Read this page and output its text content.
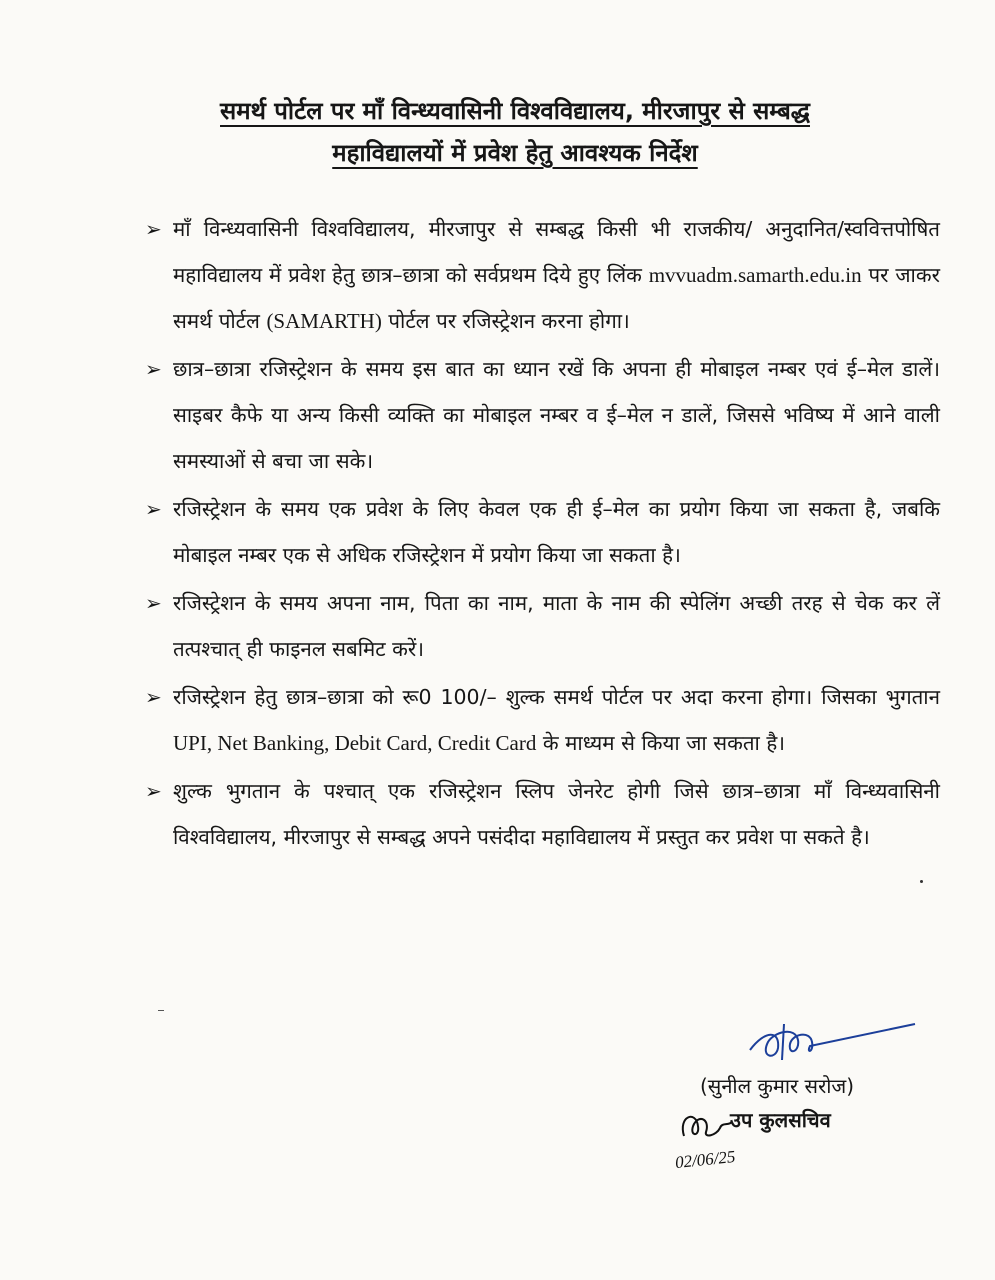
समर्थ पोर्टल पर माँ विन्ध्यवासिनी विश्वविद्यालय, मीरजापुर से सम्बद्ध
महाविद्यालयों में प्रवेश हेतु आवश्यक निर्देश
➢ माँ विन्ध्यवासिनी विश्वविद्यालय, मीरजापुर से सम्बद्ध किसी भी राजकीय/ अनुदानित/स्ववित्तपोषित महाविद्यालय में प्रवेश हेतु छात्र–छात्रा को सर्वप्रथम दिये हुए लिंक mvvuadm.samarth.edu.in पर जाकर समर्थ पोर्टल (SAMARTH) पोर्टल पर रजिस्ट्रेशन करना होगा।
➢ छात्र–छात्रा रजिस्ट्रेशन के समय इस बात का ध्यान रखें कि अपना ही मोबाइल नम्बर एवं ई–मेल डालें। साइबर कैफे या अन्य किसी व्यक्ति का मोबाइल नम्बर व ई–मेल न डालें, जिससे भविष्य में आने वाली समस्याओं से बचा जा सके।
➢ रजिस्ट्रेशन के समय एक प्रवेश के लिए केवल एक ही ई–मेल का प्रयोग किया जा सकता है, जबकि मोबाइल नम्बर एक से अधिक रजिस्ट्रेशन में प्रयोग किया जा सकता है।
➢ रजिस्ट्रेशन के समय अपना नाम, पिता का नाम, माता के नाम की स्पेलिंग अच्छी तरह से चेक कर लें तत्पश्चात् ही फाइनल सबमिट करें।
➢ रजिस्ट्रेशन हेतु छात्र–छात्रा को रू0 100/– शुल्क समर्थ पोर्टल पर अदा करना होगा। जिसका भुगतान UPI, Net Banking, Debit Card, Credit Card के माध्यम से किया जा सकता है।
➢ शुल्क भुगतान के पश्चात् एक रजिस्ट्रेशन स्लिप जेनरेट होगी जिसे छात्र–छात्रा माँ विन्ध्यवासिनी विश्वविद्यालय, मीरजापुर से सम्बद्ध अपने पसंदीदा महाविद्यालय में प्रस्तुत कर प्रवेश पा सकते है।
(सुनील कुमार सरोज)
उप कुलसचिव
02/06/25
